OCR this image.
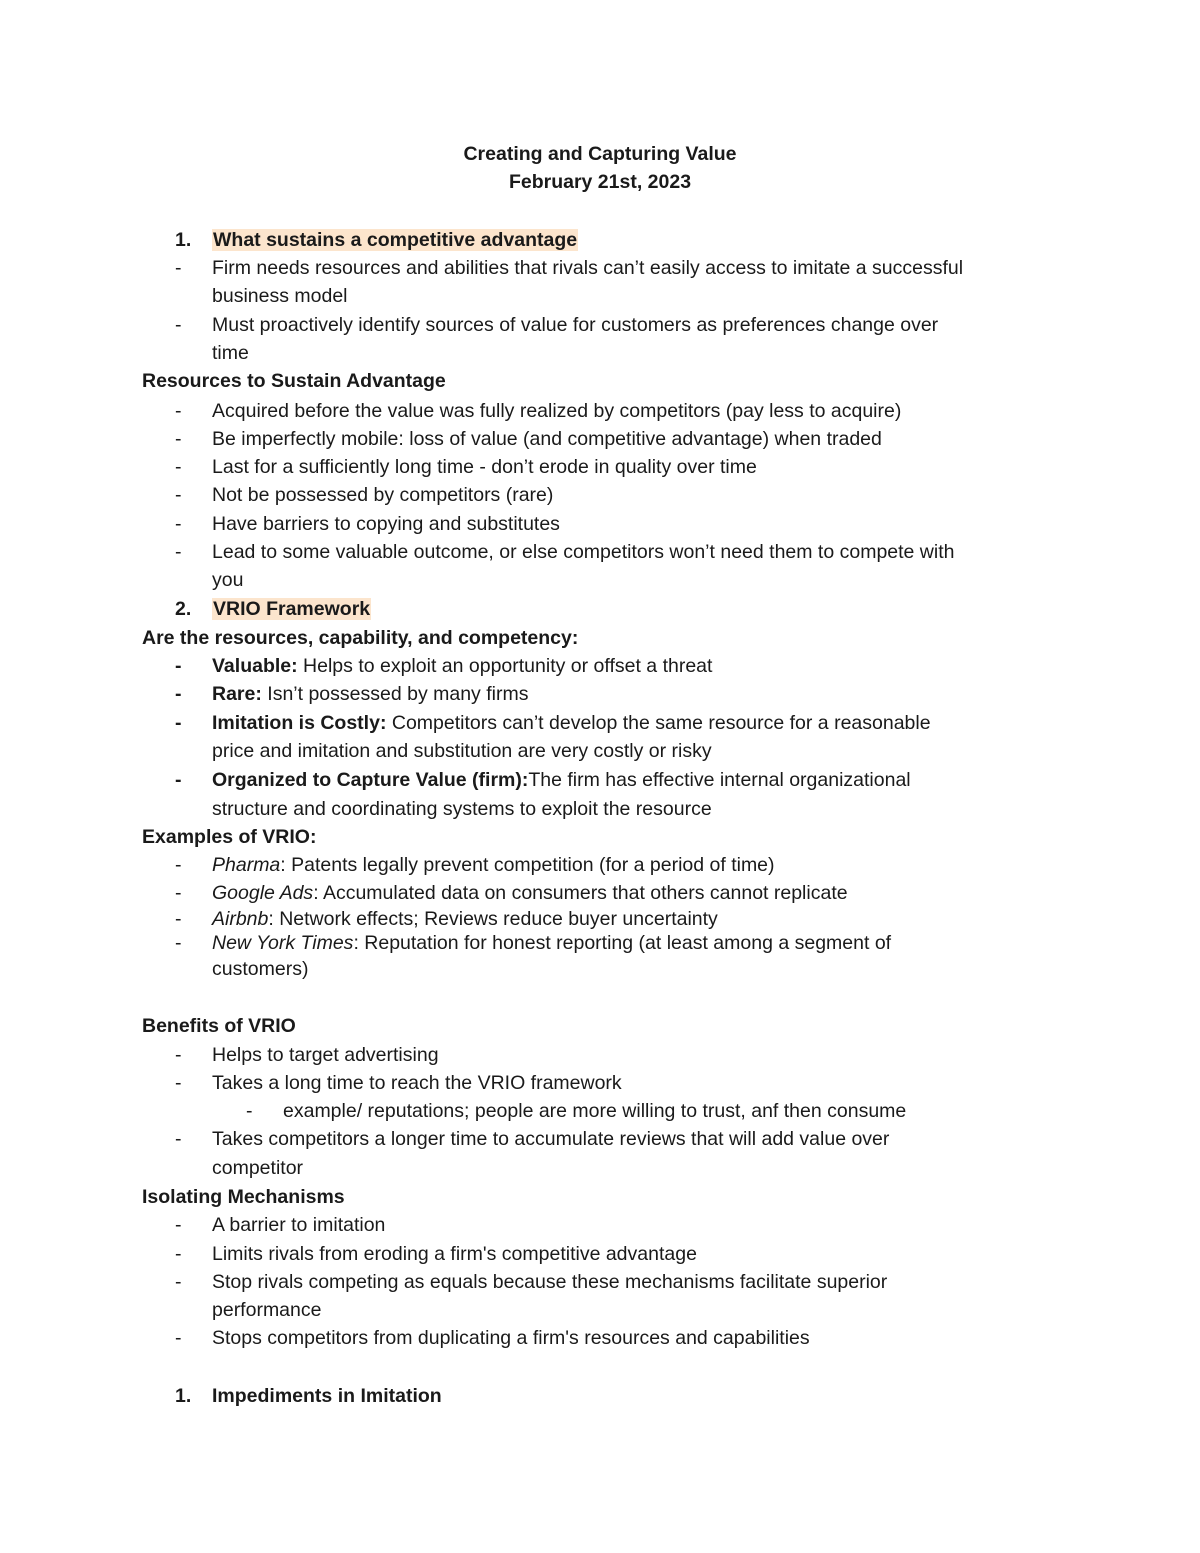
Creating and Capturing Value

February 21st, 2023

1. What sustains a competitive advantage

- Firm needs resources and abilities that rivals can’t easily access to imitate a successful

business model

- Must proactively identify sources of value for customers as preferences change over

time

Resources to Sustain Advantage

- Acquired before the value was fully realized by competitors (pay less to acquire)

- Be imperfectly mobile: loss of value (and competitive advantage) when traded

- Last for a sufficiently long time - don’t erode in quality over time

- Not be possessed by competitors (rare)

- Have barriers to copying and substitutes

- Lead to some valuable outcome, or else competitors won’t need them to compete with

you

2. VRIO Framework

Are the resources, capability, and competency:

- Valuable: Helps to exploit an opportunity or offset a threat

- Rare: Isn’t possessed by many firms

- Imitation is Costly: Competitors can’t develop the same resource for a reasonable

price and imitation and substitution are very costly or risky

- Organized to Capture Value (firm):The firm has effective internal organizational

structure and coordinating systems to exploit the resource

Examples of VRIO:

- Pharma: Patents legally prevent competition (for a period of time)

- Google Ads: Accumulated data on consumers that others cannot replicate

- Airbnb: Network effects; Reviews reduce buyer uncertainty

- New York Times: Reputation for honest reporting (at least among a segment of

customers)

Benefits of VRIO

- Helps to target advertising

- Takes a long time to reach the VRIO framework

- example/ reputations; people are more willing to trust, anf then consume

- Takes competitors a longer time to accumulate reviews that will add value over

competitor

Isolating Mechanisms

- A barrier to imitation

- Limits rivals from eroding a firm's competitive advantage

- Stop rivals competing as equals because these mechanisms facilitate superior

performance

- Stops competitors from duplicating a firm's resources and capabilities

1. Impediments in Imitation
